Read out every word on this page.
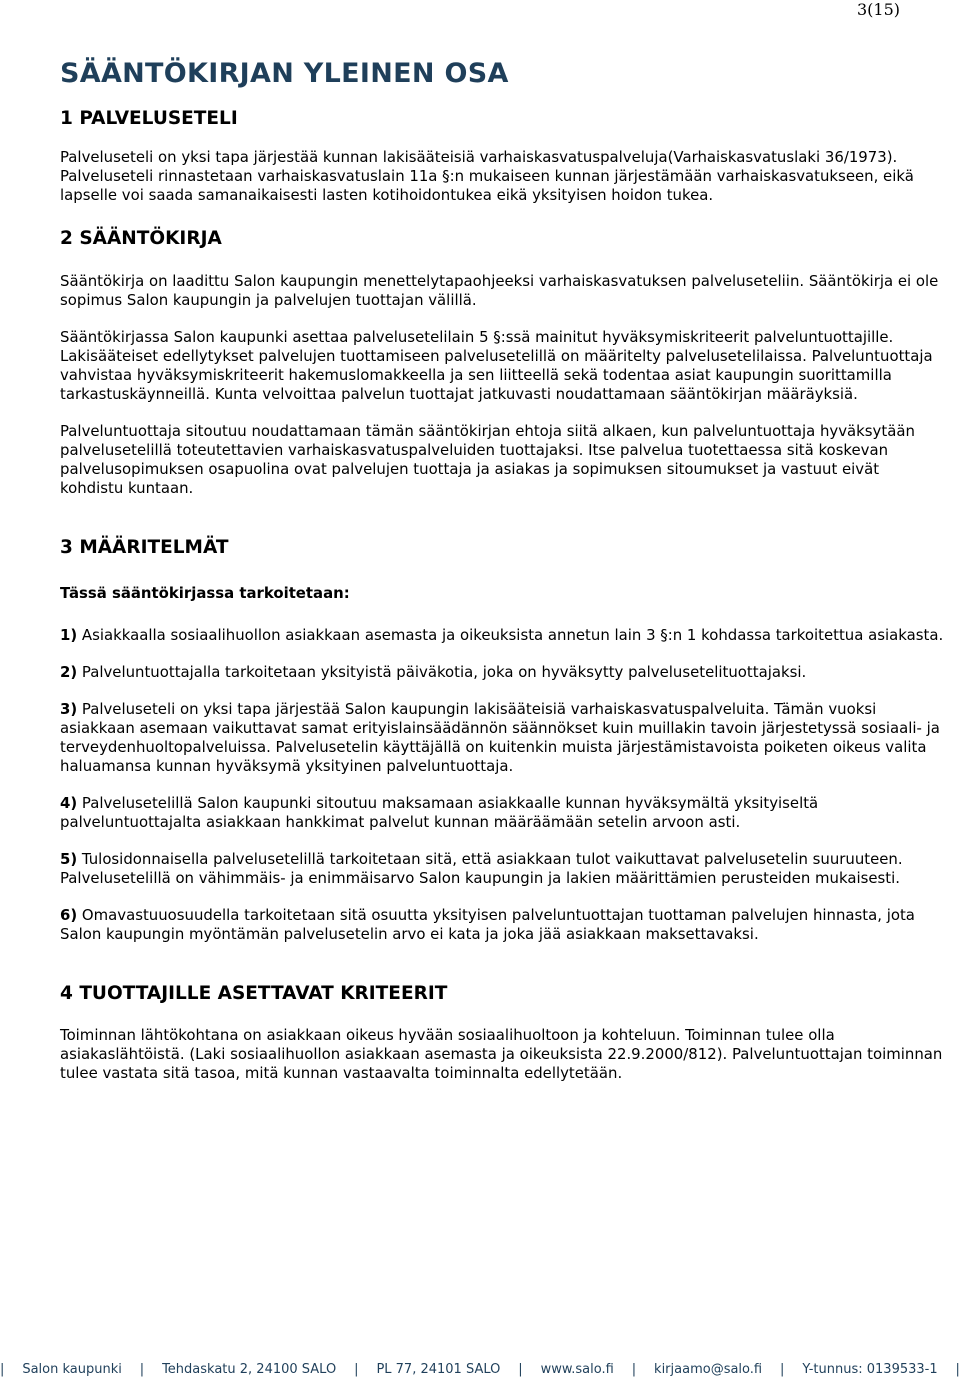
3(15)
SÄÄNTÖKIRJAN YLEINEN OSA
1 PALVELUSETELI

Palveluseteli on yksi tapa järjestää kunnan lakisääteisiä varhaiskasvatuspalveluja(Varhaiskasvatuslaki 36/1973). Palveluseteli rinnastetaan varhaiskasvatuslain 11a §:n mukaiseen kunnan järjestämään varhaiskasvatukseen, eikä lapselle voi saada samanaikaisesti lasten kotihoidontukea eikä yksityisen hoidon tukea.

2 SÄÄNTÖKIRJA

Sääntökirja on laadittu Salon kaupungin menettelytapaohjeeksi varhaiskasvatuksen palveluseteliin. Sääntökirja ei ole sopimus Salon kaupungin ja palvelujen tuottajan välillä.

Sääntökirjassa Salon kaupunki asettaa palvelusetelilain 5 §:ssä mainitut hyväksymiskriteerit palveluntuottajille. Lakisääteiset edellytykset palvelujen tuottamiseen palvelusetelillä on määritelty palvelusetelilaissa. Palveluntuottaja vahvistaa hyväksymiskriteerit hakemuslomakkeella ja sen liitteellä sekä todentaa asiat kaupungin suorittamilla tarkastuskäynneillä. Kunta velvoittaa palvelun tuottajat jatkuvasti noudattamaan sääntökirjan määräyksiä.

Palveluntuottaja sitoutuu noudattamaan tämän sääntökirjan ehtoja siitä alkaen, kun palveluntuottaja hyväksytään palvelusetelillä toteutettavien varhaiskasvatuspalveluiden tuottajaksi. Itse palvelua tuotettaessa sitä koskevan palvelusopimuksen osapuolina ovat palvelujen tuottaja ja asiakas ja sopimuksen sitoumukset ja vastuut eivät kohdistu kuntaan.

3 MÄÄRITELMÄT

Tässä sääntökirjassa tarkoitetaan:

1) Asiakkaalla sosiaalihuollon asiakkaan asemasta ja oikeuksista annetun lain 3 §:n 1 kohdassa tarkoitettua asiakasta.

2) Palveluntuottajalla tarkoitetaan yksityistä päiväkotia, joka on hyväksytty palvelusetelituottajaksi.

3) Palveluseteli on yksi tapa järjestää Salon kaupungin lakisääteisiä varhaiskasvatuspalveluita. Tämän vuoksi asiakkaan asemaan vaikuttavat samat erityislainsäädännön säännökset kuin muillakin tavoin järjestetyssä sosiaali- ja terveydenhuoltopalveluissa. Palvelusetelin käyttäjällä on kuitenkin muista järjestämistavoista poiketen oikeus valita haluamansa kunnan hyväksymä yksityinen palveluntuottaja.

4) Palvelusetelillä Salon kaupunki sitoutuu maksamaan asiakkaalle kunnan hyväksymältä yksityiseltä palveluntuottajalta asiakkaan hankkimat palvelut kunnan määräämään setelin arvoon asti.

5) Tulosidonnaisella palvelusetelillä tarkoitetaan sitä, että asiakkaan tulot vaikuttavat palvelusetelin suuruuteen. Palvelusetelillä on vähimmäis- ja enimmäisarvo Salon kaupungin ja lakien määrittämien perusteiden mukaisesti.

6) Omavastuuosuudella tarkoitetaan sitä osuutta yksityisen palveluntuottajan tuottaman palvelujen hinnasta, jota Salon kaupungin myöntämän palvelusetelin arvo ei kata ja joka jää asiakkaan maksettavaksi.

4 TUOTTAJILLE ASETTAVAT KRITEERIT

Toiminnan lähtökohtana on asiakkaan oikeus hyvään sosiaalihuoltoon ja kohteluun. Toiminnan tulee olla asiakaslähtöistä. (Laki sosiaalihuollon asiakkaan asemasta ja oikeuksista 22.9.2000/812). Palveluntuottajan toiminnan tulee vastata sitä tasoa, mitä kunnan vastaavalta toiminnalta edellytetään.

| Salon kaupunki | Tehdaskatu 2, 24100 SALO | PL 77, 24101 SALO | www.salo.fi | kirjaamo@salo.fi | Y-tunnus: 0139533-1 |
